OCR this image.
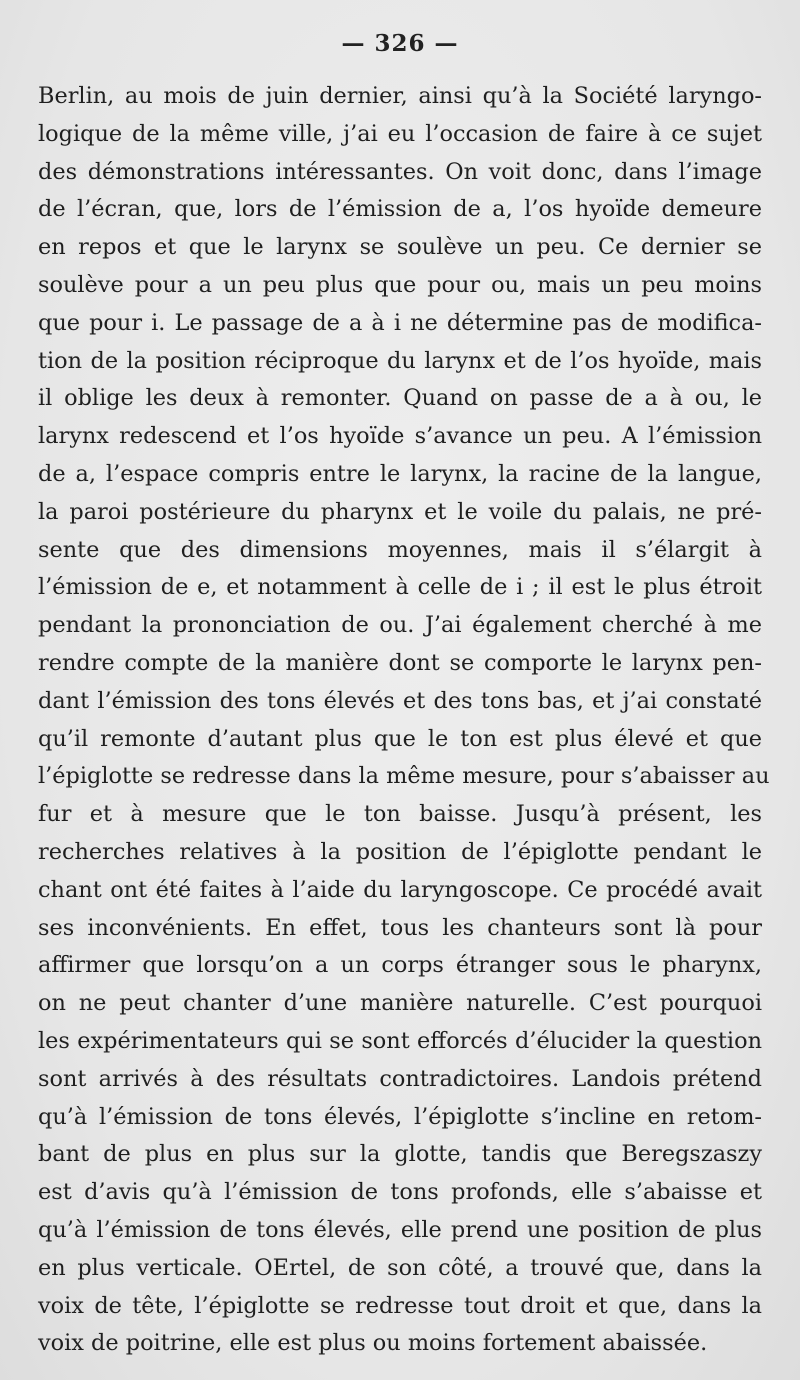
— 326 —
Berlin, au mois de juin dernier, ainsi qu’à la Société laryngo-
logique de la même ville, j’ai eu l’occasion de faire à ce sujet
des démonstrations intéressantes. On voit donc, dans l’image
de l’écran, que, lors de l’émission de a, l’os hyoïde demeure
en repos et que le larynx se soulève un peu. Ce dernier se
soulève pour a un peu plus que pour ou, mais un peu moins
que pour i. Le passage de a à i ne détermine pas de modifica-
tion de la position réciproque du larynx et de l’os hyoïde, mais
il oblige les deux à remonter. Quand on passe de a à ou, le
larynx redescend et l’os hyoïde s’avance un peu. A l’émission
de a, l’espace compris entre le larynx, la racine de la langue,
la paroi postérieure du pharynx et le voile du palais, ne pré-
sente que des dimensions moyennes, mais il s’élargit à
l’émission de e, et notamment à celle de i ; il est le plus étroit
pendant la prononciation de ou. J’ai également cherché à me
rendre compte de la manière dont se comporte le larynx pen-
dant l’émission des tons élevés et des tons bas, et j’ai constaté
qu’il remonte d’autant plus que le ton est plus élevé et que
l’épiglotte se redresse dans la même mesure, pour s’abaisser au
fur et à mesure que le ton baisse. Jusqu’à présent, les
recherches relatives à la position de l’épiglotte pendant le
chant ont été faites à l’aide du laryngoscope. Ce procédé avait
ses inconvénients. En effet, tous les chanteurs sont là pour
affirmer que lorsqu’on a un corps étranger sous le pharynx,
on ne peut chanter d’une manière naturelle. C’est pourquoi
les expérimentateurs qui se sont efforcés d’élucider la question
sont arrivés à des résultats contradictoires. Landois prétend
qu’à l’émission de tons élevés, l’épiglotte s’incline en retom-
bant de plus en plus sur la glotte, tandis que Beregszaszy
est d’avis qu’à l’émission de tons profonds, elle s’abaisse et
qu’à l’émission de tons élevés, elle prend une position de plus
en plus verticale. OErtel, de son côté, a trouvé que, dans la
voix de tête, l’épiglotte se redresse tout droit et que, dans la
voix de poitrine, elle est plus ou moins fortement abaissée.
